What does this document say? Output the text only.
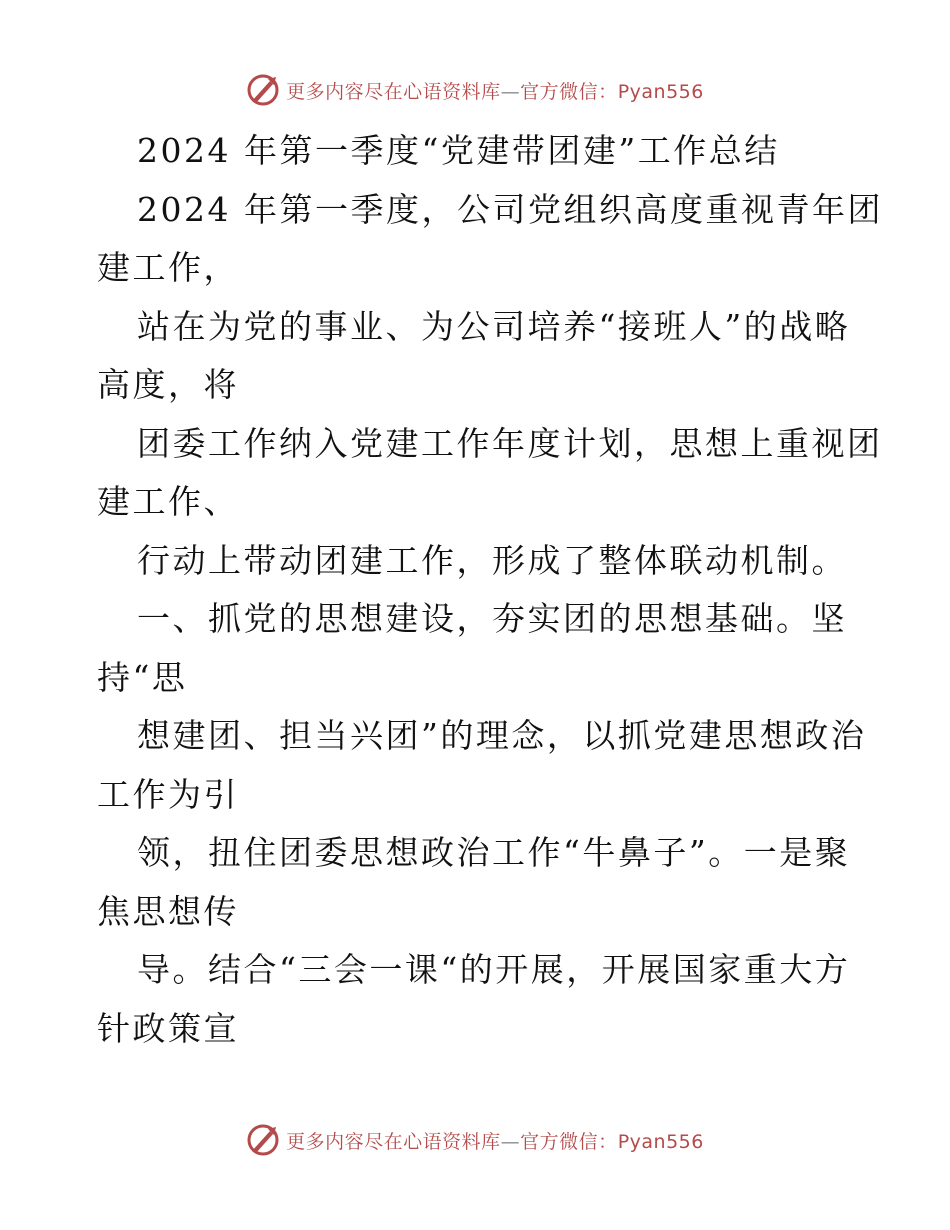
更多内容尽在心语资料库—官方微信：Pyan556
2024 年第一季度“党建带团建”工作总结
2024 年第一季度，公司党组织高度重视青年团
建工作，
站在为党的事业、为公司培养“接班人”的战略
高度，将
团委工作纳入党建工作年度计划，思想上重视团
建工作、
行动上带动团建工作，形成了整体联动机制。
一、抓党的思想建设，夯实团的思想基础。坚
持“思
想建团、担当兴团”的理念，以抓党建思想政治
工作为引
领，扭住团委思想政治工作“牛鼻子”。一是聚
焦思想传
导。结合“三会一课“的开展，开展国家重大方
针政策宣
更多内容尽在心语资料库—官方微信：Pyan556
